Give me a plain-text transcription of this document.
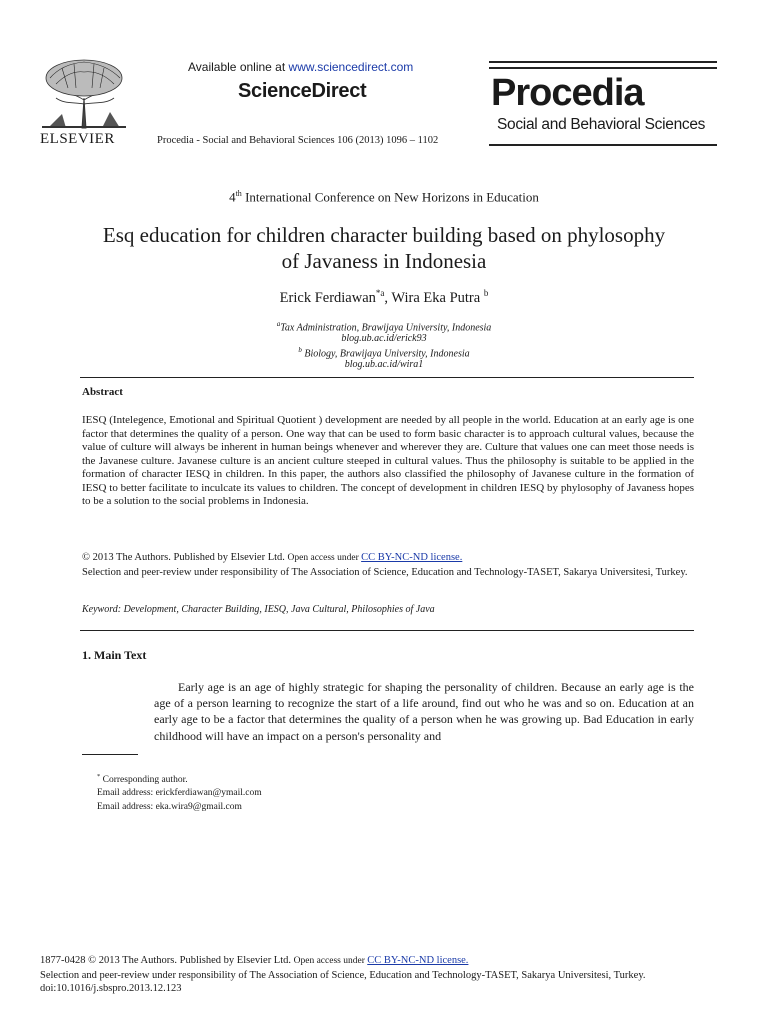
ELSEVIER
Available online at www.sciencedirect.com
ScienceDirect
Procedia - Social and Behavioral Sciences 106 (2013) 1096 – 1102
Procedia
Social and Behavioral Sciences
4th International Conference on New Horizons in Education
Esq education for children character building based on phylosophy
of Javaness in Indonesia
Erick Ferdiawan$^{*a}$, Wira Eka Putra $^b$
$^a$Tax Administration, Brawijaya University, Indonesia
blog.ub.ac.id/erick93
$^b$ Biology, Brawijaya University, Indonesia
blog.ub.ac.id/wira1
Abstract
IESQ (Intelegence, Emotional and Spiritual Quotient ) development are needed by all people in the world. Education at an early age is one factor that determines the quality of a person. One way that can be used to form basic character is to approach cultural values, because the value of culture will always be inherent in human beings whenever and wherever they are. Culture that values one can meet those needs is the Javanese culture. Javanese culture is an ancient culture steeped in cultural values. Thus the philosophy is suitable to be applied in the formation of character IESQ in children. In this paper, the authors also classified the philosophy of Javanese culture in the formation of IESQ to better facilitate to inculcate its values to children. The concept of development in children IESQ by phylosophy of Javaness hopes to be a solution to the social problems in Indonesia.
© 2013 The Authors. Published by Elsevier Ltd. Open access under CC BY-NC-ND license.
Selection and peer-review under responsibility of The Association of Science, Education and Technology-TASET, Sakarya Universitesi, Turkey.
Keyword: Development, Character Building, IESQ, Java Cultural, Philosophies of Java
1. Main Text
Early age is an age of highly strategic for shaping the personality of children. Because an early age is the age of a person learning to recognize the start of a life around, find out who he was and so on. Education at an early age to be a factor that determines the quality of a person when he was growing up. Bad Education in early childhood will have an impact on a person's personality and
* Corresponding author.
Email address: erickferdiawan@ymail.com
Email address: eka.wira9@gmail.com
1877-0428 © 2013 The Authors. Published by Elsevier Ltd. Open access under CC BY-NC-ND license.
Selection and peer-review under responsibility of The Association of Science, Education and Technology-TASET, Sakarya Universitesi, Turkey.
doi:10.1016/j.sbspro.2013.12.123
